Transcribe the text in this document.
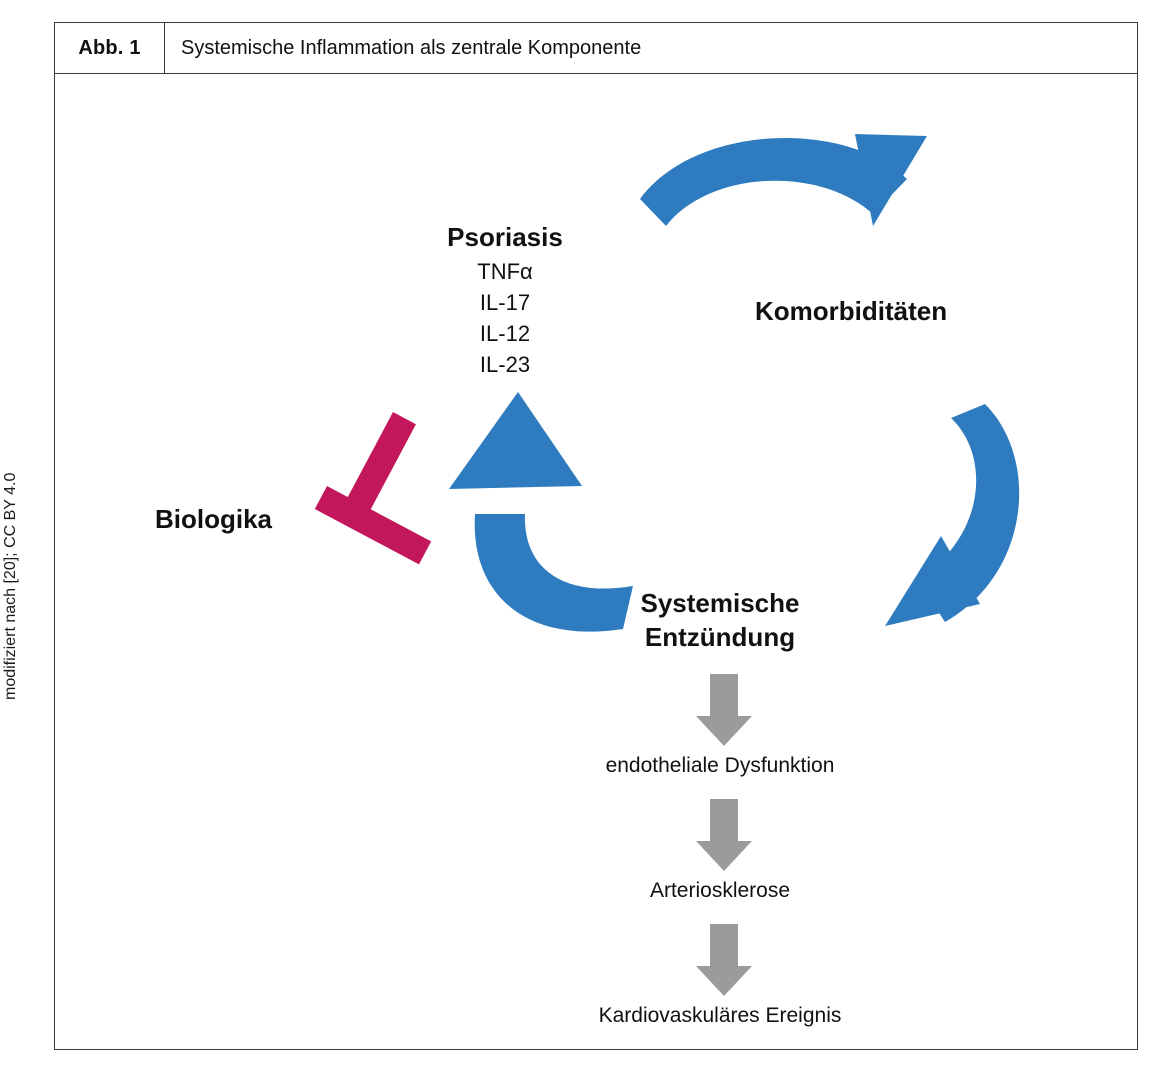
modifiziert nach [20]; CC BY 4.0
Abb. 1	Systemische Inflammation als zentrale Komponente
Psoriasis
TNFα
IL-17
IL-12
IL-23
Komorbiditäten
Biologika
Systemische
Entzündung
endotheliale Dysfunktion
Arteriosklerose
Kardiovaskuläres Ereignis
